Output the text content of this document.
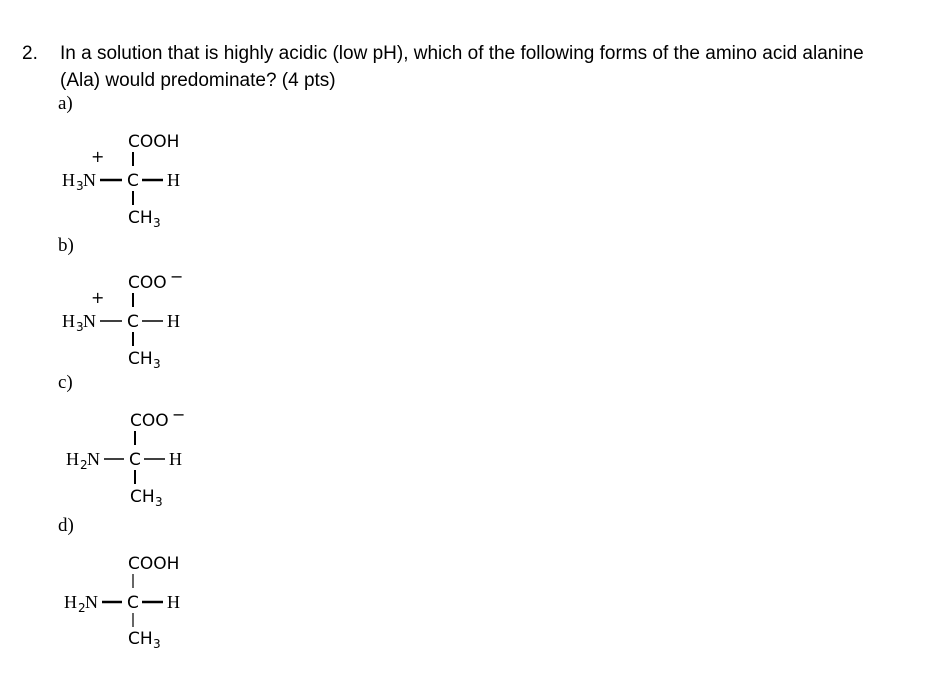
2. In a solution that is highly acidic (low pH), which of the following forms of the amino acid alanine
(Ala) would predominate? (4 pts)
a)
COOH
+
H 3 N C H
CH 3
b)
COO −
+
H 3 N C H
CH 3
c)
COO −
H 2 N C H
CH 3
d)
COOH
H 2 N C H
CH 3
